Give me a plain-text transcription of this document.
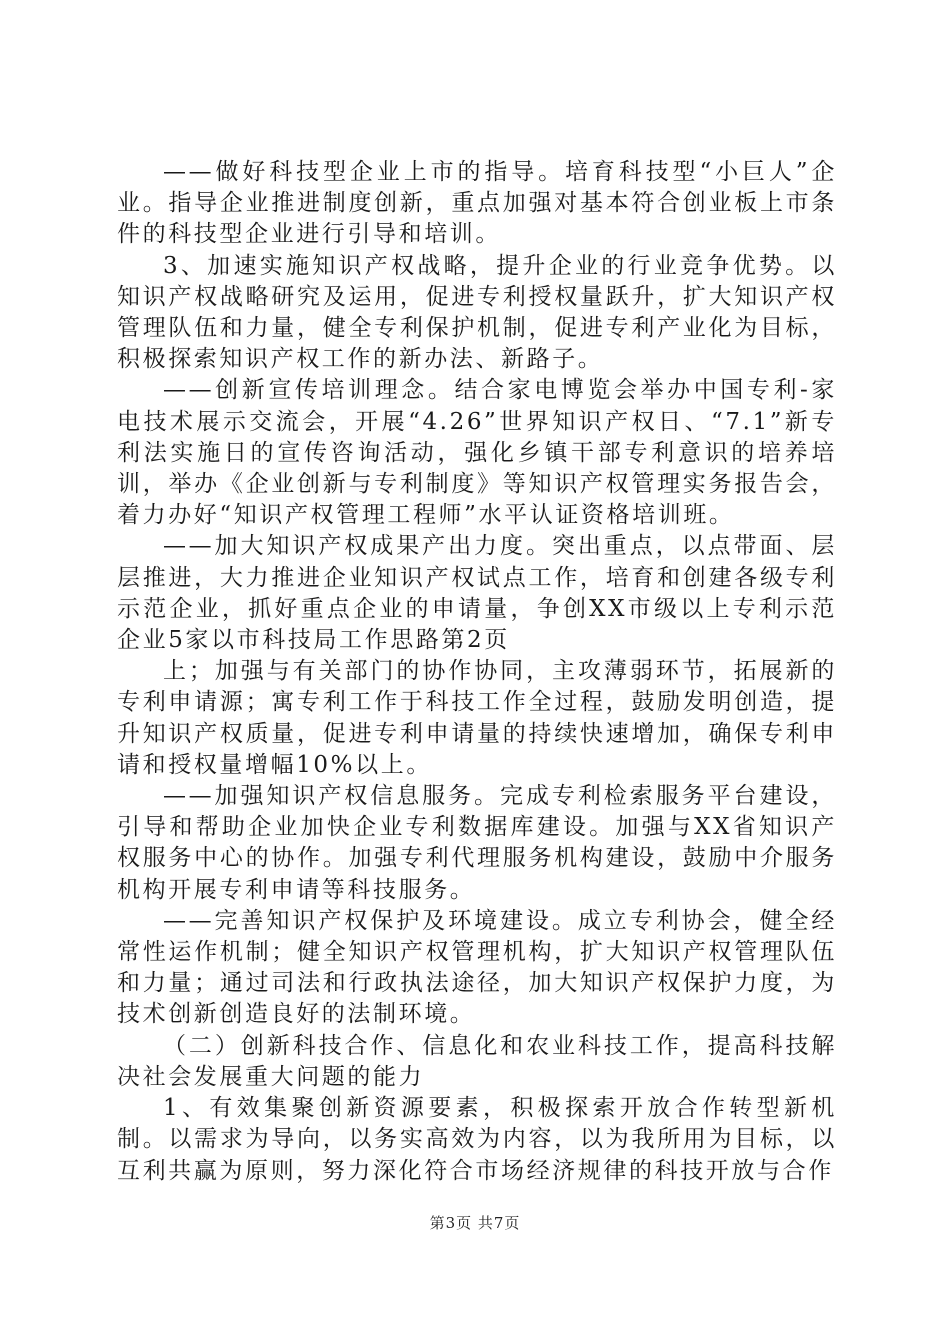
——做好科技型企业上市的指导。培育科技型“小巨人”企业。指导企业推进制度创新，重点加强对基本符合创业板上市条件的科技型企业进行引导和培训。

3、加速实施知识产权战略，提升企业的行业竞争优势。以知识产权战略研究及运用，促进专利授权量跃升，扩大知识产权管理队伍和力量，健全专利保护机制，促进专利产业化为目标，积极探索知识产权工作的新办法、新路子。

——创新宣传培训理念。结合家电博览会举办中国专利-家电技术展示交流会，开展“4.26”世界知识产权日、“7.1”新专利法实施日的宣传咨询活动，强化乡镇干部专利意识的培养培训，举办《企业创新与专利制度》等知识产权管理实务报告会，着力办好“知识产权管理工程师”水平认证资格培训班。

——加大知识产权成果产出力度。突出重点，以点带面、层层推进，大力推进企业知识产权试点工作，培育和创建各级专利示范企业，抓好重点企业的申请量，争创XX市级以上专利示范企业5家以市科技局工作思路第2页

上；加强与有关部门的协作协同，主攻薄弱环节，拓展新的专利申请源；寓专利工作于科技工作全过程，鼓励发明创造，提升知识产权质量，促进专利申请量的持续快速增加，确保专利申请和授权量增幅10%以上。

——加强知识产权信息服务。完成专利检索服务平台建设，引导和帮助企业加快企业专利数据库建设。加强与XX省知识产权服务中心的协作。加强专利代理服务机构建设，鼓励中介服务机构开展专利申请等科技服务。

——完善知识产权保护及环境建设。成立专利协会，健全经常性运作机制；健全知识产权管理机构，扩大知识产权管理队伍和力量；通过司法和行政执法途径，加大知识产权保护力度，为技术创新创造良好的法制环境。

（二）创新科技合作、信息化和农业科技工作，提高科技解决社会发展重大问题的能力

1、有效集聚创新资源要素，积极探索开放合作转型新机制。以需求为导向，以务实高效为内容，以为我所用为目标，以互利共赢为原则，努力深化符合市场经济规律的科技开放与合作

第3页 共7页
